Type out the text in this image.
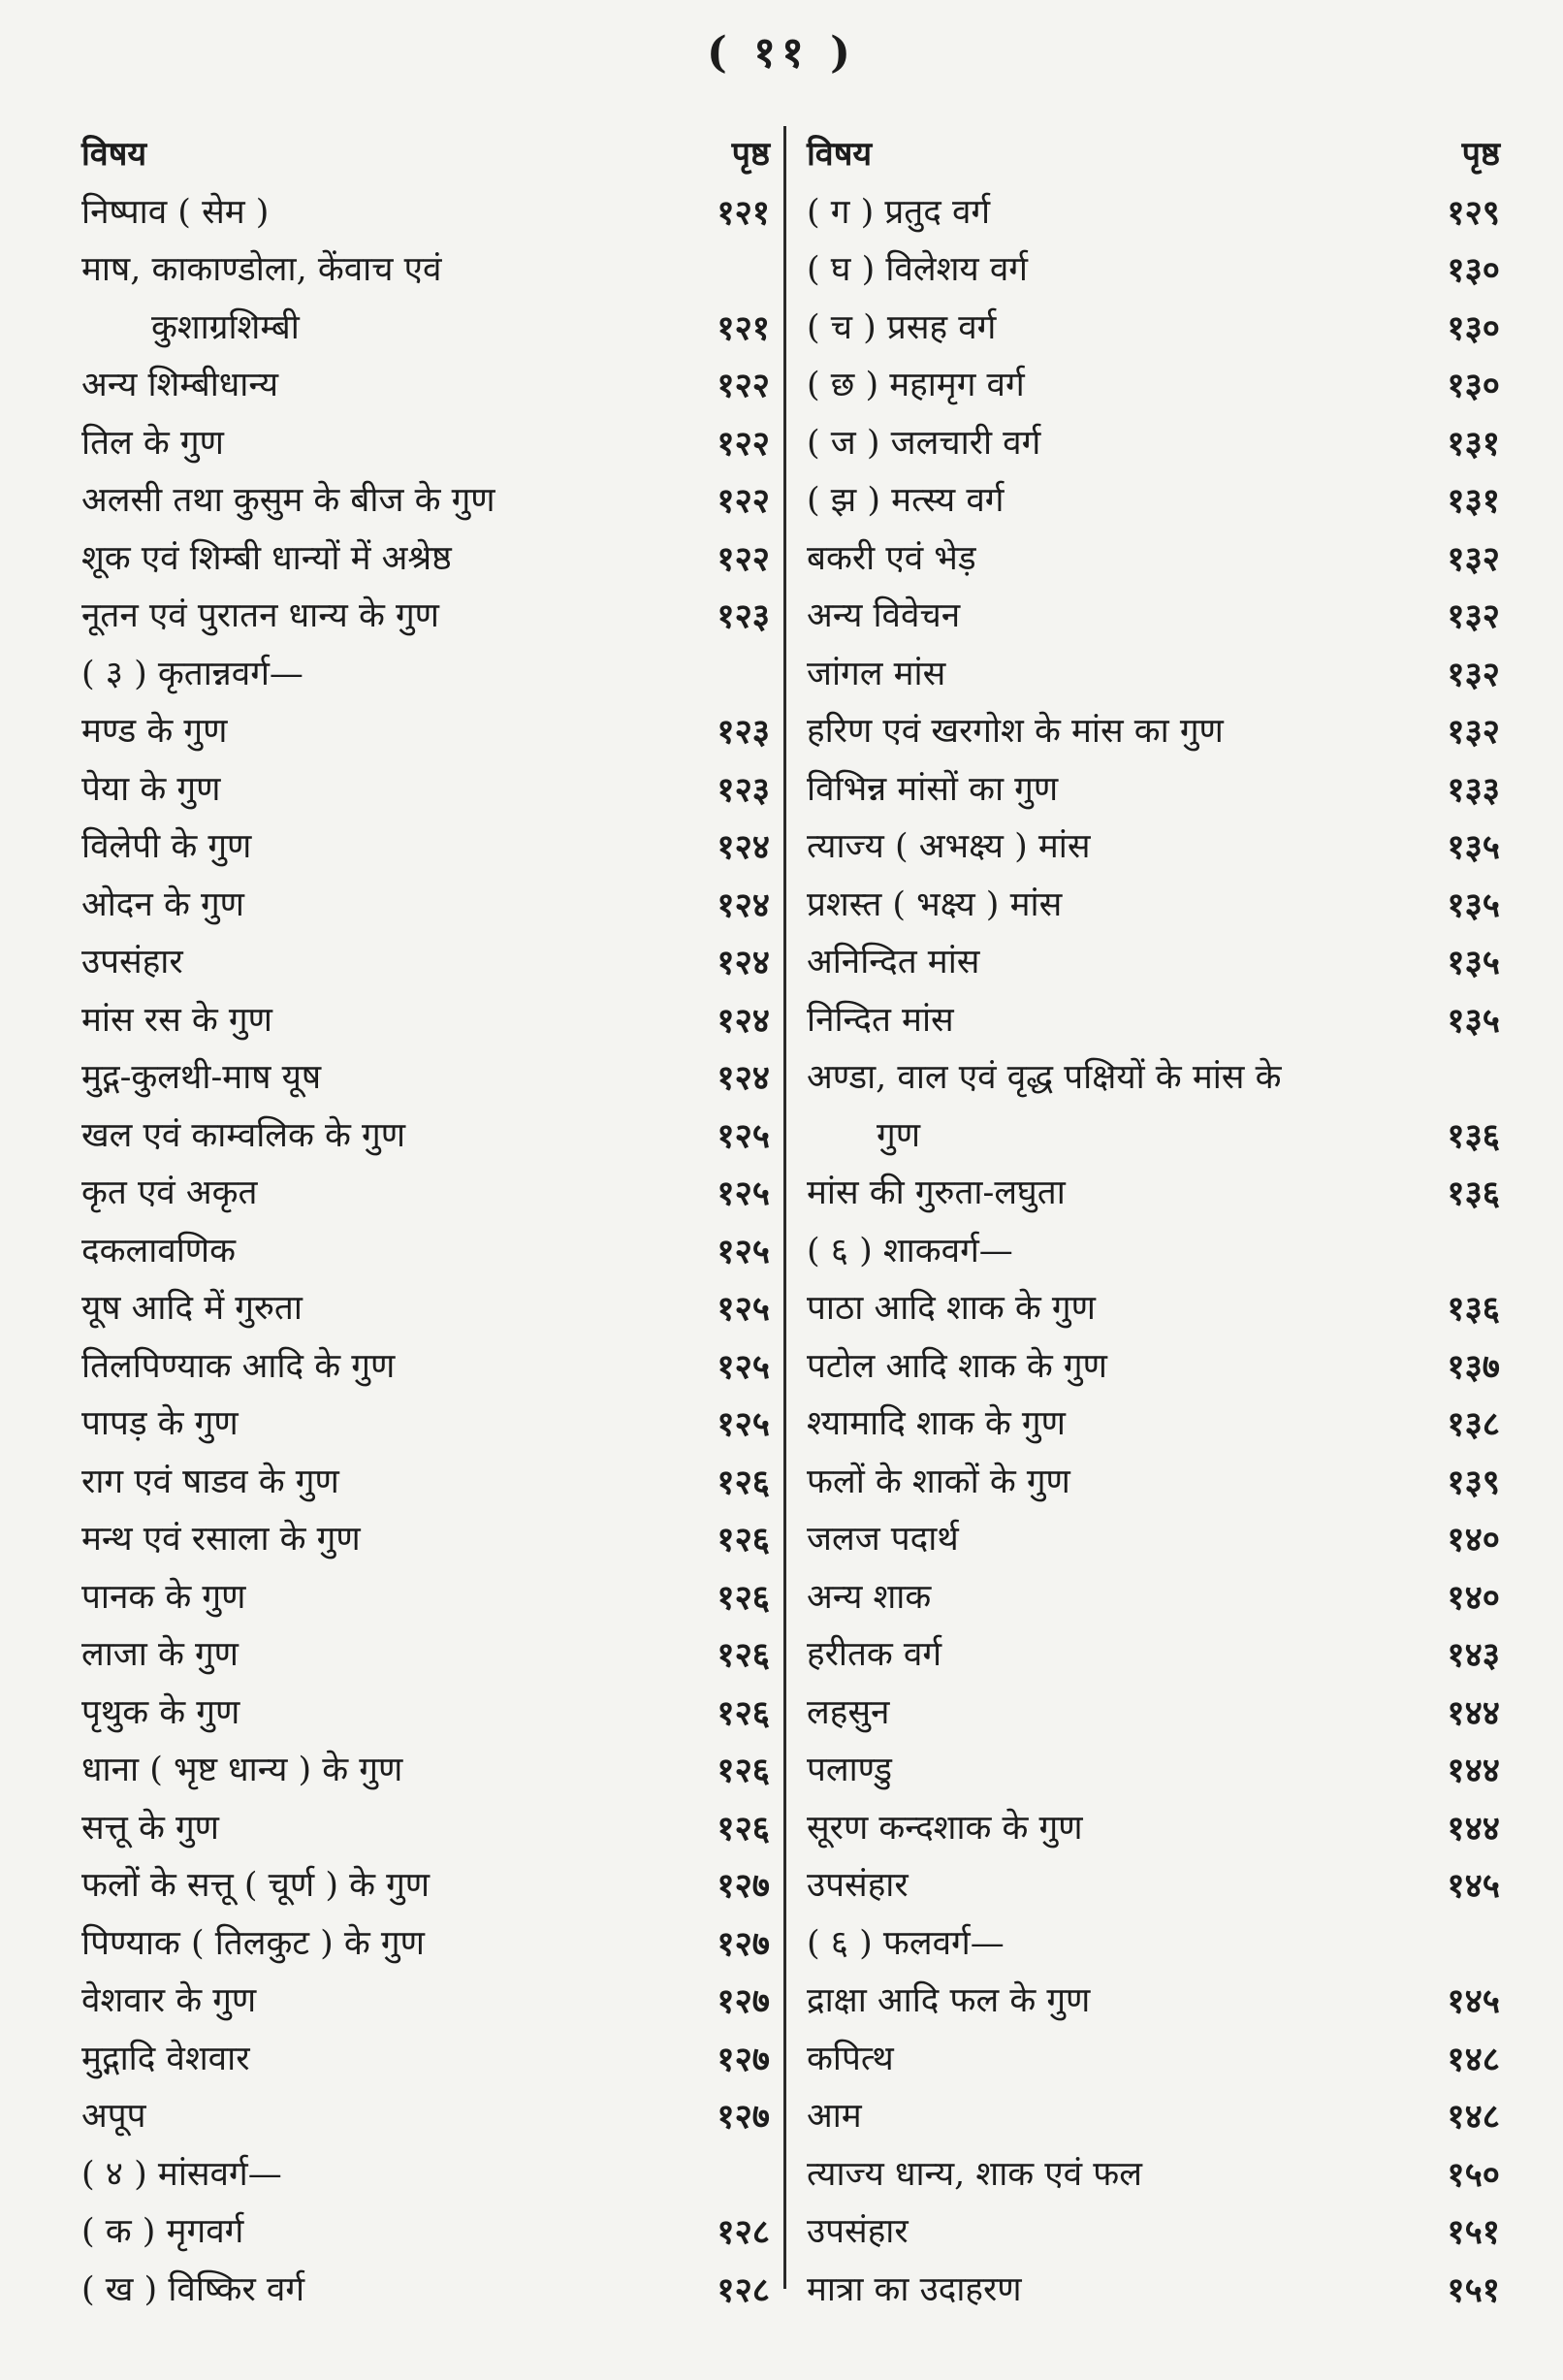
( ११ )
विषय	पृष्ठ
निष्पाव ( सेम )	१२१
माष, काकाण्डोला, केंवाच एवं
कुशाग्रशिम्बी	१२१
अन्य शिम्बीधान्य	१२२
तिल के गुण	१२२
अलसी तथा कुसुम के बीज के गुण	१२२
शूक एवं शिम्बी धान्यों में अश्रेष्ठ	१२२
नूतन एवं पुरातन धान्य के गुण	१२३
( ३ ) कृतान्नवर्ग—
मण्ड के गुण	१२३
पेया के गुण	१२३
विलेपी के गुण	१२४
ओदन के गुण	१२४
उपसंहार	१२४
मांस रस के गुण	१२४
मुद्ग-कुलथी-माष यूष	१२४
खल एवं काम्वलिक के गुण	१२५
कृत एवं अकृत	१२५
दकलावणिक	१२५
यूष आदि में गुरुता	१२५
तिलपिण्याक आदि के गुण	१२५
पापड़ के गुण	१२५
राग एवं षाडव के गुण	१२६
मन्थ एवं रसाला के गुण	१२६
पानक के गुण	१२६
लाजा के गुण	१२६
पृथुक के गुण	१२६
धाना ( भृष्ट धान्य ) के गुण	१२६
सत्तू के गुण	१२६
फलों के सत्तू ( चूर्ण ) के गुण	१२७
पिण्याक ( तिलकुट ) के गुण	१२७
वेशवार के गुण	१२७
मुद्गादि वेशवार	१२७
अपूप	१२७
( ४ ) मांसवर्ग—
( क ) मृगवर्ग	१२८
( ख ) विष्किर वर्ग	१२८
विषय	पृष्ठ
( ग ) प्रतुद वर्ग	१२९
( घ ) विलेशय वर्ग	१३०
( च ) प्रसह वर्ग	१३०
( छ ) महामृग वर्ग	१३०
( ज ) जलचारी वर्ग	१३१
( झ ) मत्स्य वर्ग	१३१
बकरी एवं भेड़	१३२
अन्य विवेचन	१३२
जांगल मांस	१३२
हरिण एवं खरगोश के मांस का गुण	१३२
विभिन्न मांसों का गुण	१३३
त्याज्य ( अभक्ष्य ) मांस	१३५
प्रशस्त ( भक्ष्य ) मांस	१३५
अनिन्दित मांस	१३५
निन्दित मांस	१३५
अण्डा, वाल एवं वृद्ध पक्षियों के मांस के
गुण	१३६
मांस की गुरुता-लघुता	१३६
( ६ ) शाकवर्ग—
पाठा आदि शाक के गुण	१३६
पटोल आदि शाक के गुण	१३७
श्यामादि शाक के गुण	१३८
फलों के शाकों के गुण	१३९
जलज पदार्थ	१४०
अन्य शाक	१४०
हरीतक वर्ग	१४३
लहसुन	१४४
पलाण्डु	१४४
सूरण कन्दशाक के गुण	१४४
उपसंहार	१४५
( ६ ) फलवर्ग—
द्राक्षा आदि फल के गुण	१४५
कपित्थ	१४८
आम	१४८
त्याज्य धान्य, शाक एवं फल	१५०
उपसंहार	१५१
मात्रा का उदाहरण	१५१
